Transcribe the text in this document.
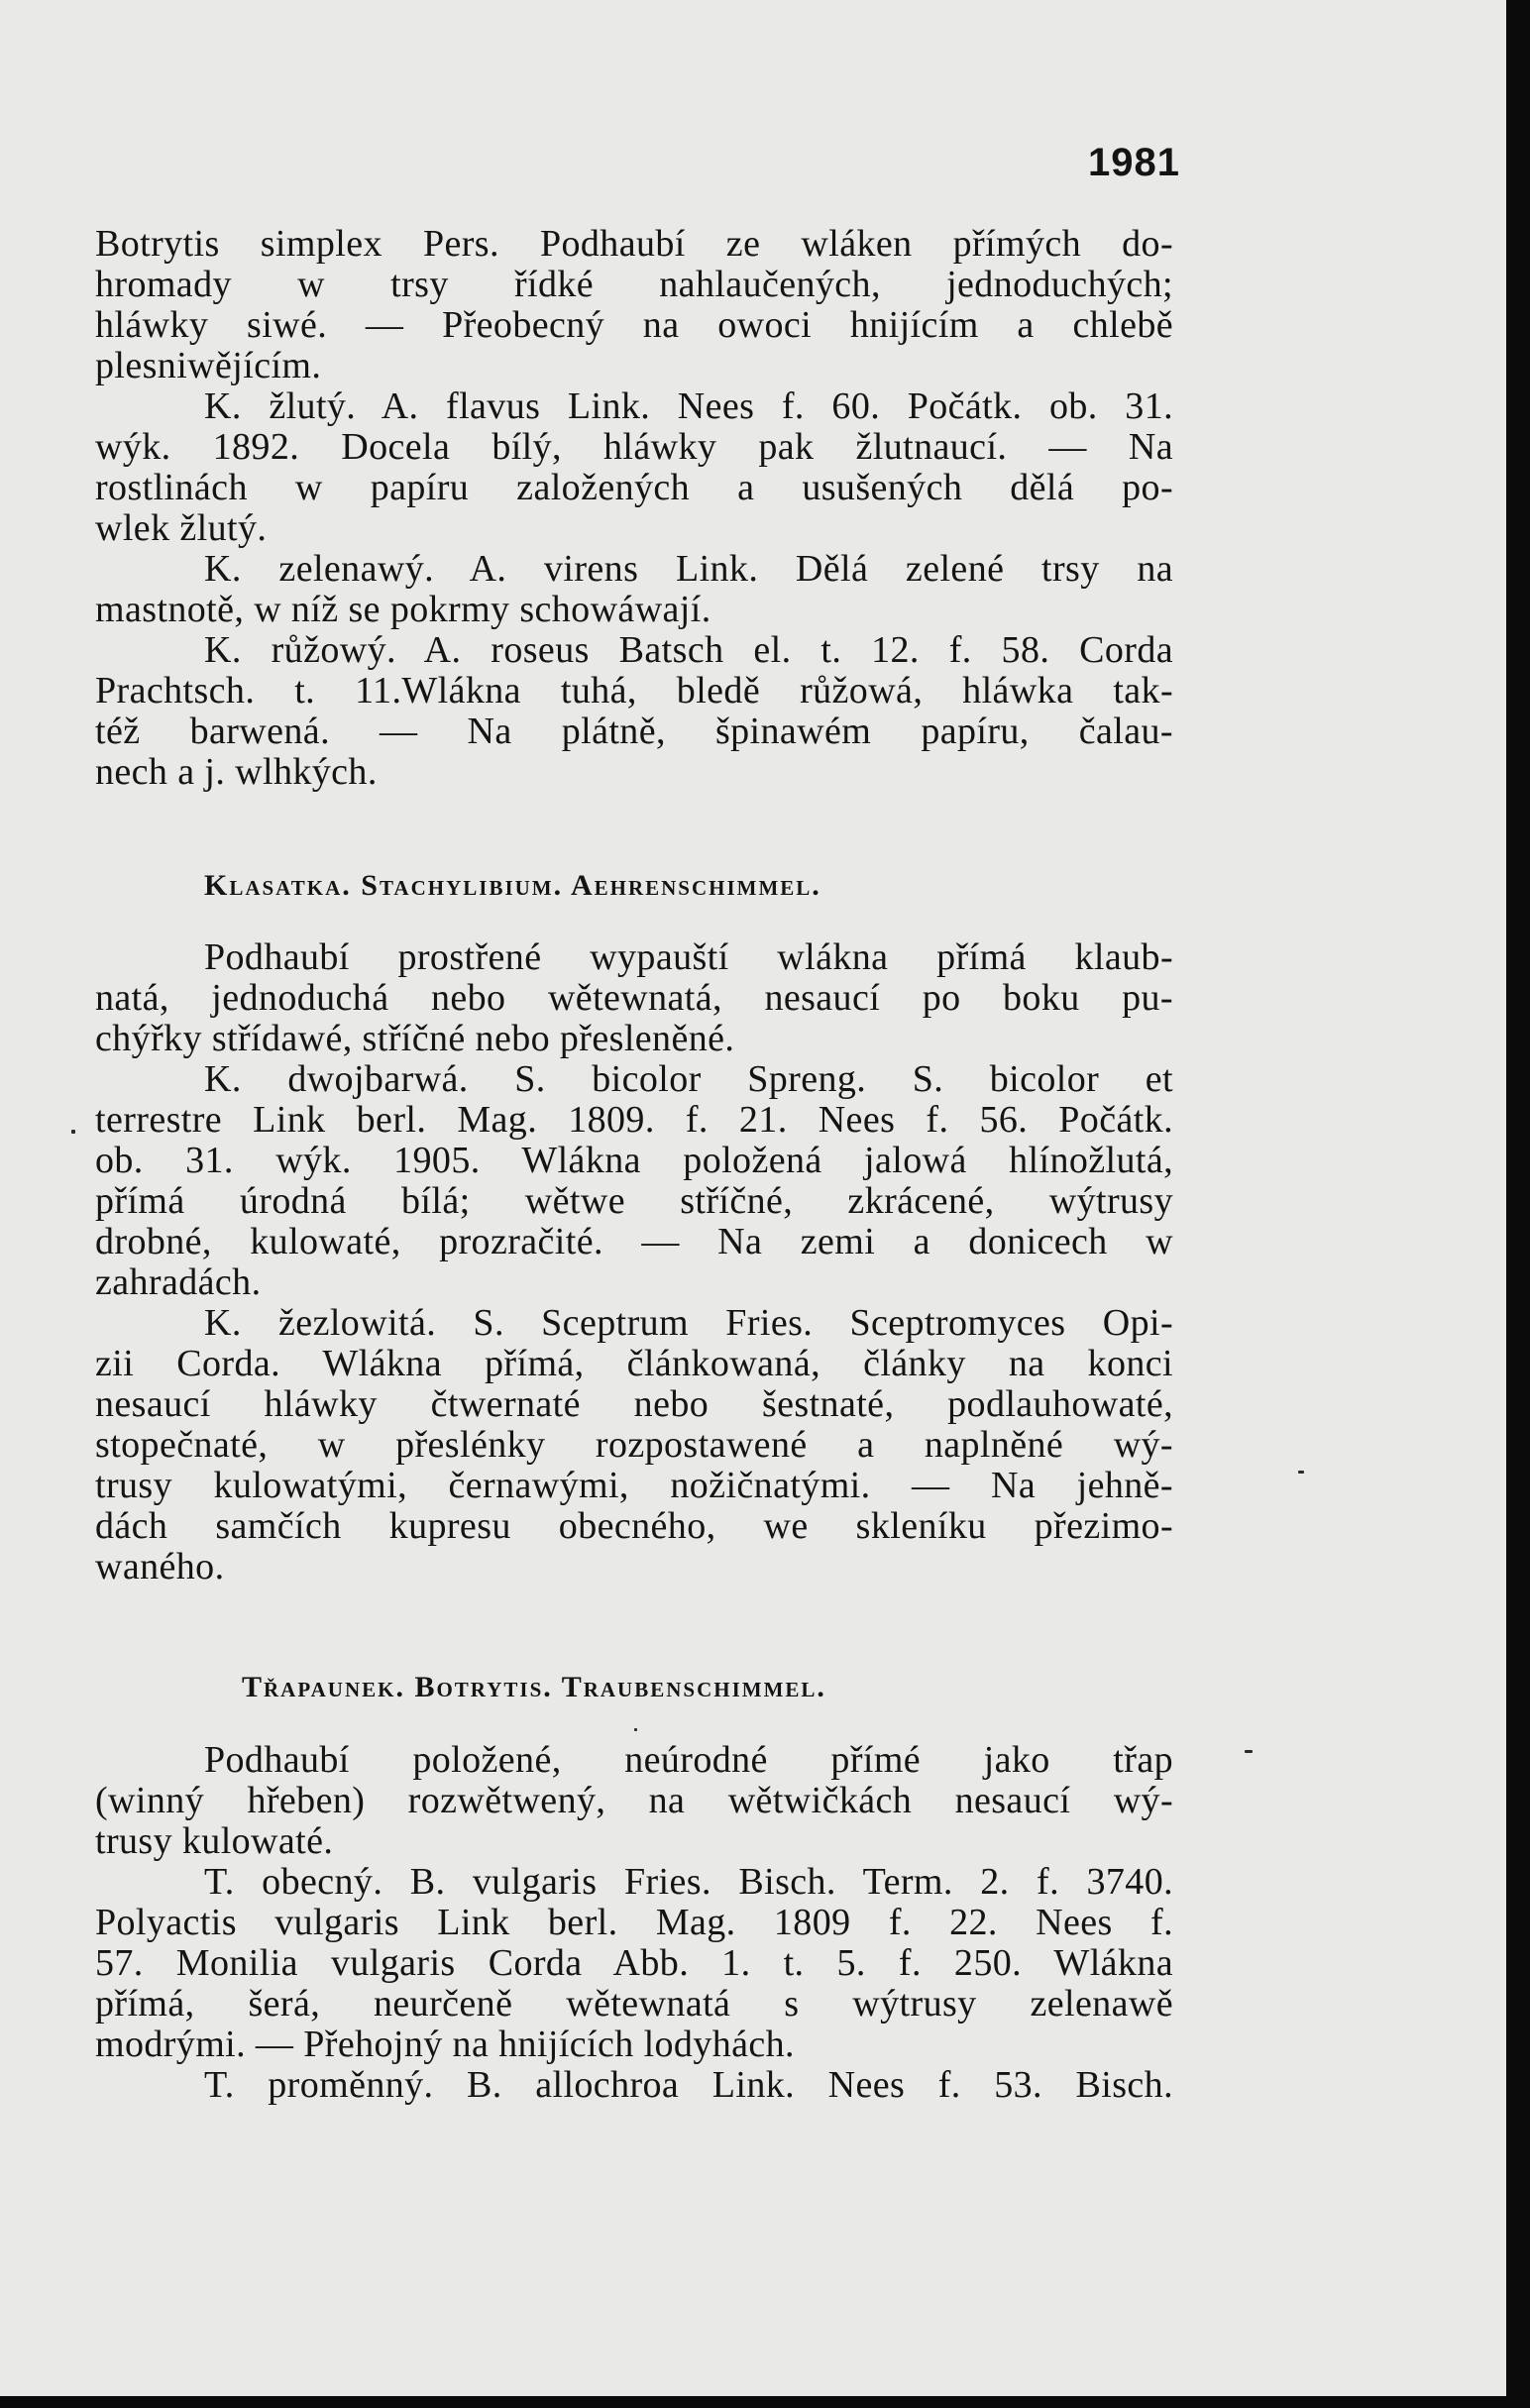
1981
Botrytis simplex Pers. Podhaubí ze wláken přímých do-
hromady w trsy řídké nahlaučených, jednoduchých;
hláwky siwé. — Přeobecný na owoci hnijícím a chlebě
plesniwějícím.
K. žlutý. A. flavus Link. Nees f. 60. Počátk. ob. 31.
wýk. 1892. Docela bílý, hláwky pak žlutnaucí. — Na
rostlinách w papíru založených a usušených dělá po-
wlek žlutý.
K. zelenawý. A. virens Link. Dělá zelené trsy na
mastnotě, w níž se pokrmy schowáwají.
K. růžowý. A. roseus Batsch el. t. 12. f. 58. Corda
Prachtsch. t. 11.Wlákna tuhá, bledě růžowá, hláwka tak-
též barwená. — Na plátně, špinawém papíru, čalau-
nech a j. wlhkých.
Klasatka. Stachylibium. Aehrenschimmel.
Podhaubí prostřené wypauští wlákna přímá klaub-
natá, jednoduchá nebo wětewnatá, nesaucí po boku pu-
chýřky střídawé, stříčné nebo přesleněné.
K. dwojbarwá. S. bicolor Spreng. S. bicolor et
terrestre Link berl. Mag. 1809. f. 21. Nees f. 56. Počátk.
ob. 31. wýk. 1905. Wlákna položená jalowá hlínožlutá,
přímá úrodná bílá; wětwe stříčné, zkrácené, wýtrusy
drobné, kulowaté, prozračité. — Na zemi a donicech w
zahradách.
K. žezlowitá. S. Sceptrum Fries. Sceptromyces Opi-
zii Corda. Wlákna přímá, článkowaná, články na konci
nesaucí hláwky čtwernaté nebo šestnaté, podlauhowaté,
stopečnaté, w přeslénky rozpostawené a naplněné wý-
trusy kulowatými, černawými, nožičnatými. — Na jehně-
dách samčích kupresu obecného, we skleníku přezimo-
waného.
Třapaunek. Botrytis. Traubenschimmel.
Podhaubí položené, neúrodné přímé jako třap
(winný hřeben) rozwětwený, na wětwičkách nesaucí wý-
trusy kulowaté.
T. obecný. B. vulgaris Fries. Bisch. Term. 2. f. 3740.
Polyactis vulgaris Link berl. Mag. 1809 f. 22. Nees f.
57. Monilia vulgaris Corda Abb. 1. t. 5. f. 250. Wlákna
přímá, šerá, neurčeně wětewnatá s wýtrusy zelenawě
modrými. — Přehojný na hnijících lodyhách.
T. proměnný. B. allochroa Link. Nees f. 53. Bisch.
